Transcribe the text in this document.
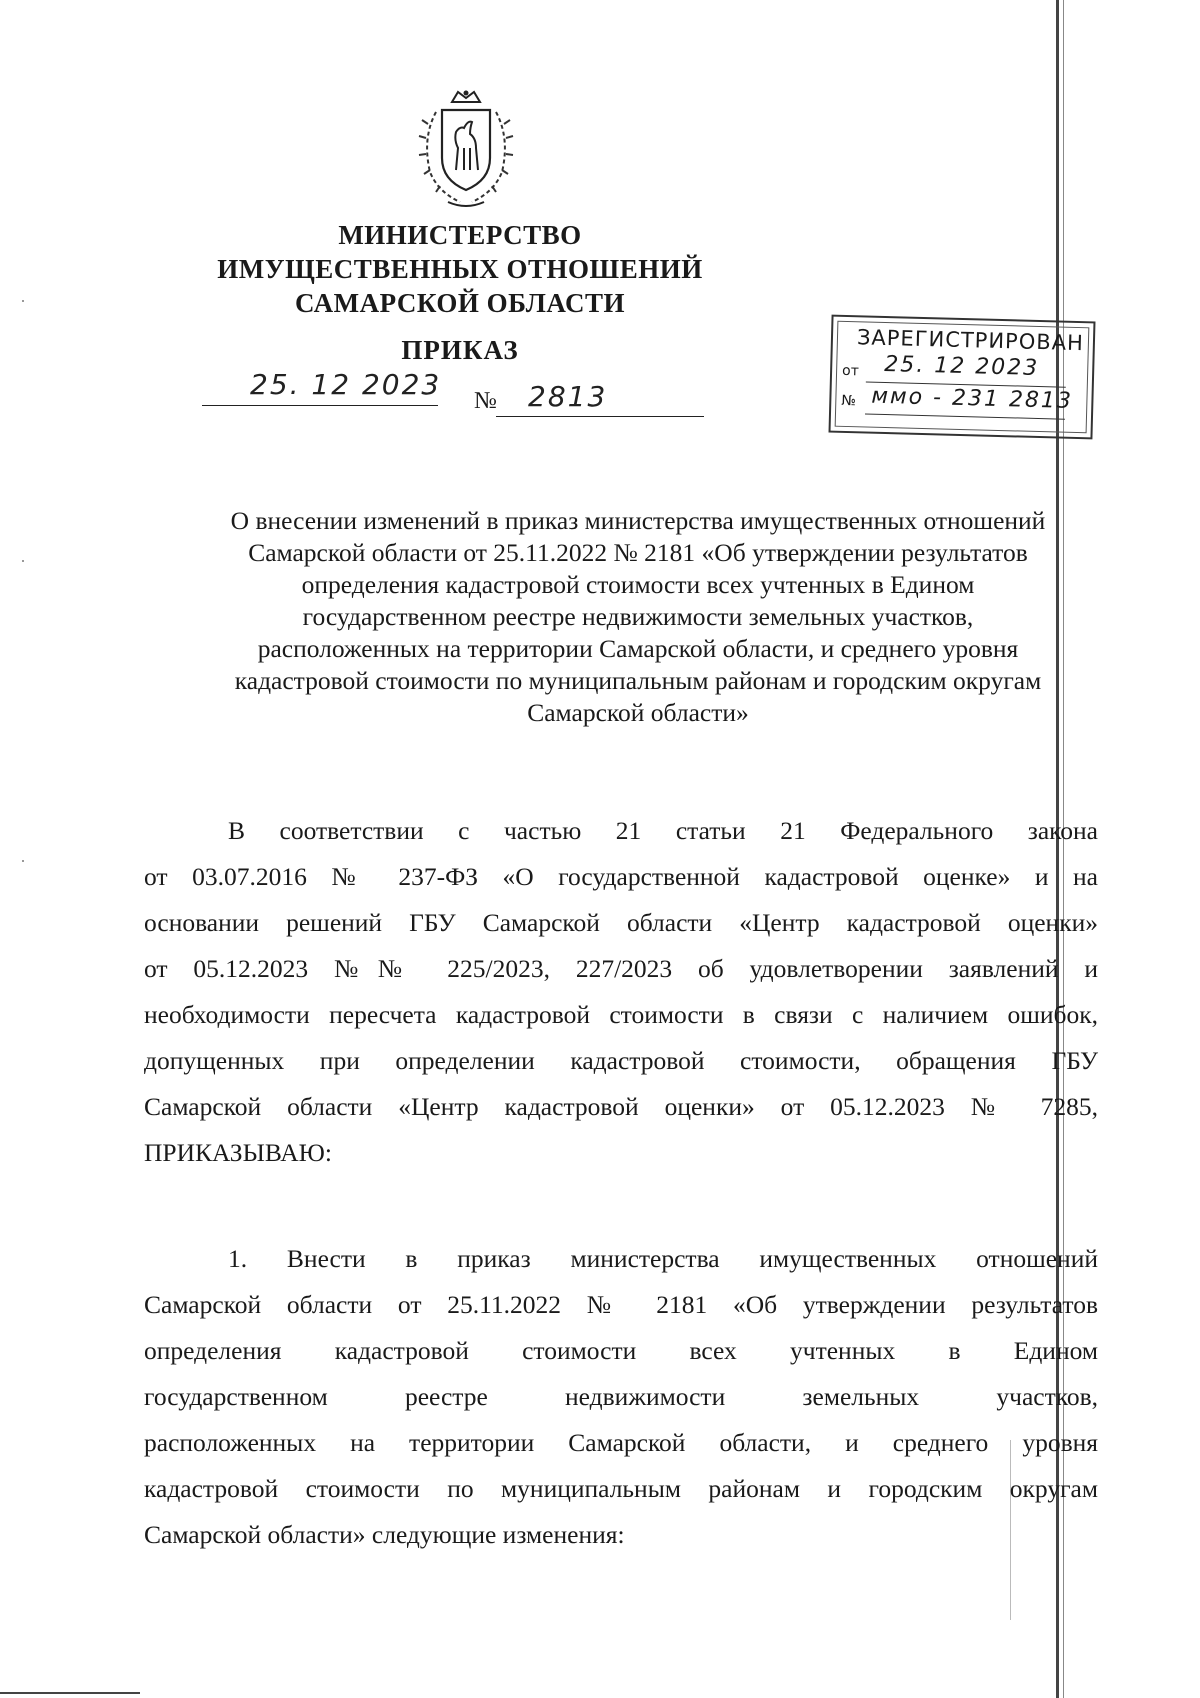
МИНИСТЕРСТВО
ИМУЩЕСТВЕННЫХ ОТНОШЕНИЙ
САМАРСКОЙ ОБЛАСТИ
ПРИКАЗ
25. 12 2023 № 2813
ЗАРЕГИСТРИРОВАН
от 25. 12 2023
№ ммо - 231 2813
О внесении изменений в приказ министерства имущественных отношений
Самарской области от 25.11.2022 № 2181 «Об утверждении результатов
определения кадастровой стоимости всех учтенных в Едином
государственном реестре недвижимости земельных участков,
расположенных на территории Самарской области, и среднего уровня
кадастровой стоимости по муниципальным районам и городским округам
Самарской области»
В соответствии с частью 21 статьи 21 Федерального закона
от 03.07.2016 № 237-ФЗ «О государственной кадастровой оценке» и на
основании решений ГБУ Самарской области «Центр кадастровой оценки»
от 05.12.2023 №№ 225/2023, 227/2023 об удовлетворении заявлений и
необходимости пересчета кадастровой стоимости в связи с наличием ошибок,
допущенных при определении кадастровой стоимости, обращения ГБУ
Самарской области «Центр кадастровой оценки» от 05.12.2023 № 7285,
ПРИКАЗЫВАЮ:
1. Внести в приказ министерства имущественных отношений
Самарской области от 25.11.2022 № 2181 «Об утверждении результатов
определения кадастровой стоимости всех учтенных в Едином
государственном реестре недвижимости земельных участков,
расположенных на территории Самарской области, и среднего уровня
кадастровой стоимости по муниципальным районам и городским округам
Самарской области» следующие изменения:
